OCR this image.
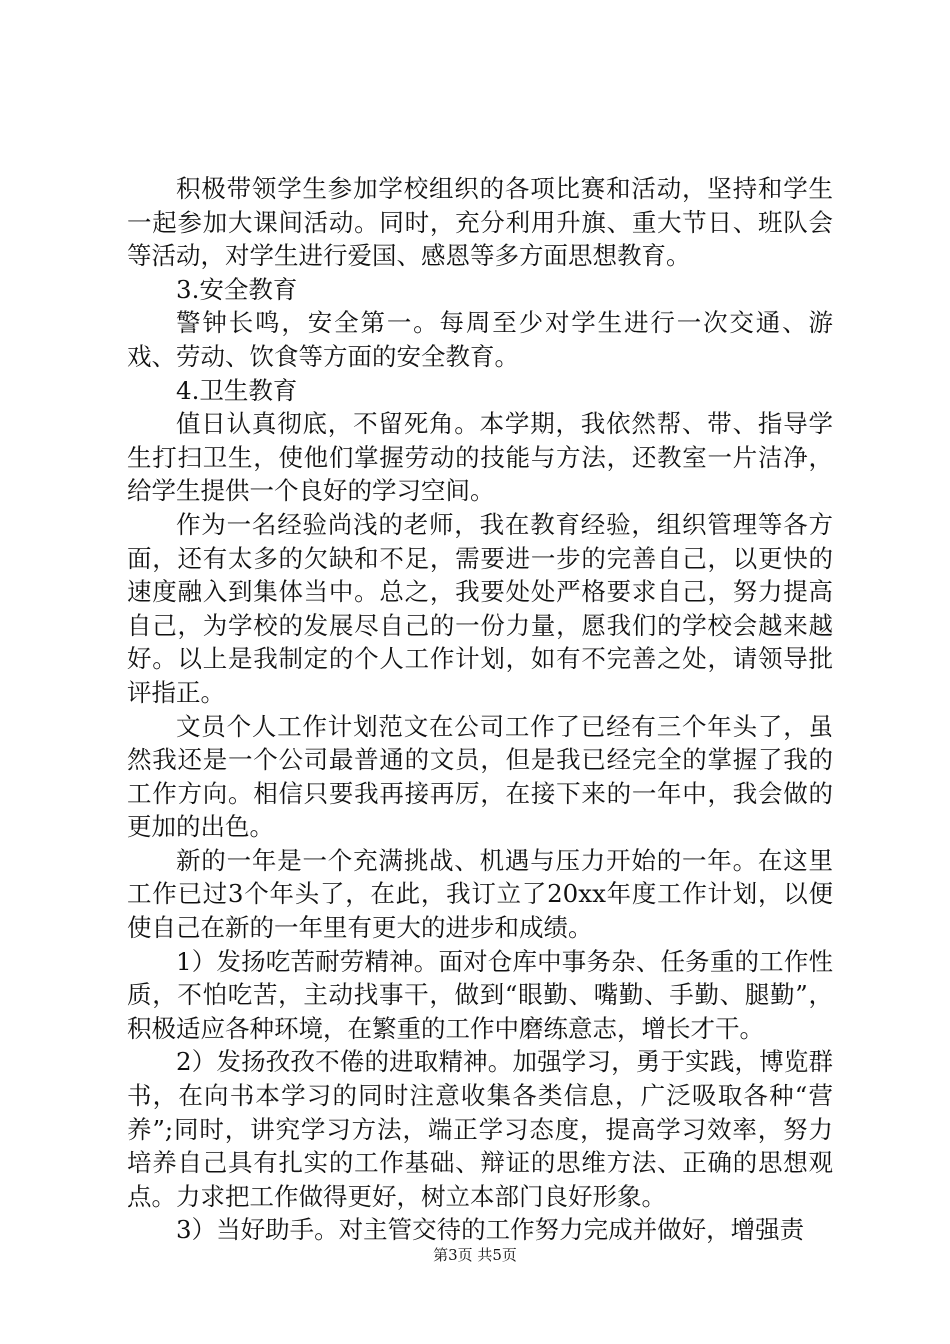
积极带领学生参加学校组织的各项比赛和活动，坚持和学生一起参加大课间活动。同时，充分利用升旗、重大节日、班队会等活动，对学生进行爱国、感恩等多方面思想教育。

3.安全教育

警钟长鸣，安全第一。每周至少对学生进行一次交通、游戏、劳动、饮食等方面的安全教育。

4.卫生教育

值日认真彻底，不留死角。本学期，我依然帮、带、指导学生打扫卫生，使他们掌握劳动的技能与方法，还教室一片洁净，给学生提供一个良好的学习空间。

作为一名经验尚浅的老师，我在教育经验，组织管理等各方面，还有太多的欠缺和不足，需要进一步的完善自己，以更快的速度融入到集体当中。总之，我要处处严格要求自己，努力提高自己，为学校的发展尽自己的一份力量，愿我们的学校会越来越好。以上是我制定的个人工作计划，如有不完善之处，请领导批评指正。

文员个人工作计划范文在公司工作了已经有三个年头了，虽然我还是一个公司最普通的文员，但是我已经完全的掌握了我的工作方向。相信只要我再接再厉，在接下来的一年中，我会做的更加的出色。

新的一年是一个充满挑战、机遇与压力开始的一年。在这里工作已过3个年头了，在此，我订立了20xx年度工作计划，以便使自己在新的一年里有更大的进步和成绩。

1）发扬吃苦耐劳精神。面对仓库中事务杂、任务重的工作性质，不怕吃苦，主动找事干，做到“眼勤、嘴勤、手勤、腿勤”，积极适应各种环境，在繁重的工作中磨练意志，增长才干。

2）发扬孜孜不倦的进取精神。加强学习，勇于实践，博览群书，在向书本学习的同时注意收集各类信息，广泛吸取各种“营养”;同时，讲究学习方法，端正学习态度，提高学习效率，努力培养自己具有扎实的工作基础、辩证的思维方法、正确的思想观点。力求把工作做得更好，树立本部门良好形象。

3）当好助手。对主管交待的工作努力完成并做好，增强责

第3页 共5页
